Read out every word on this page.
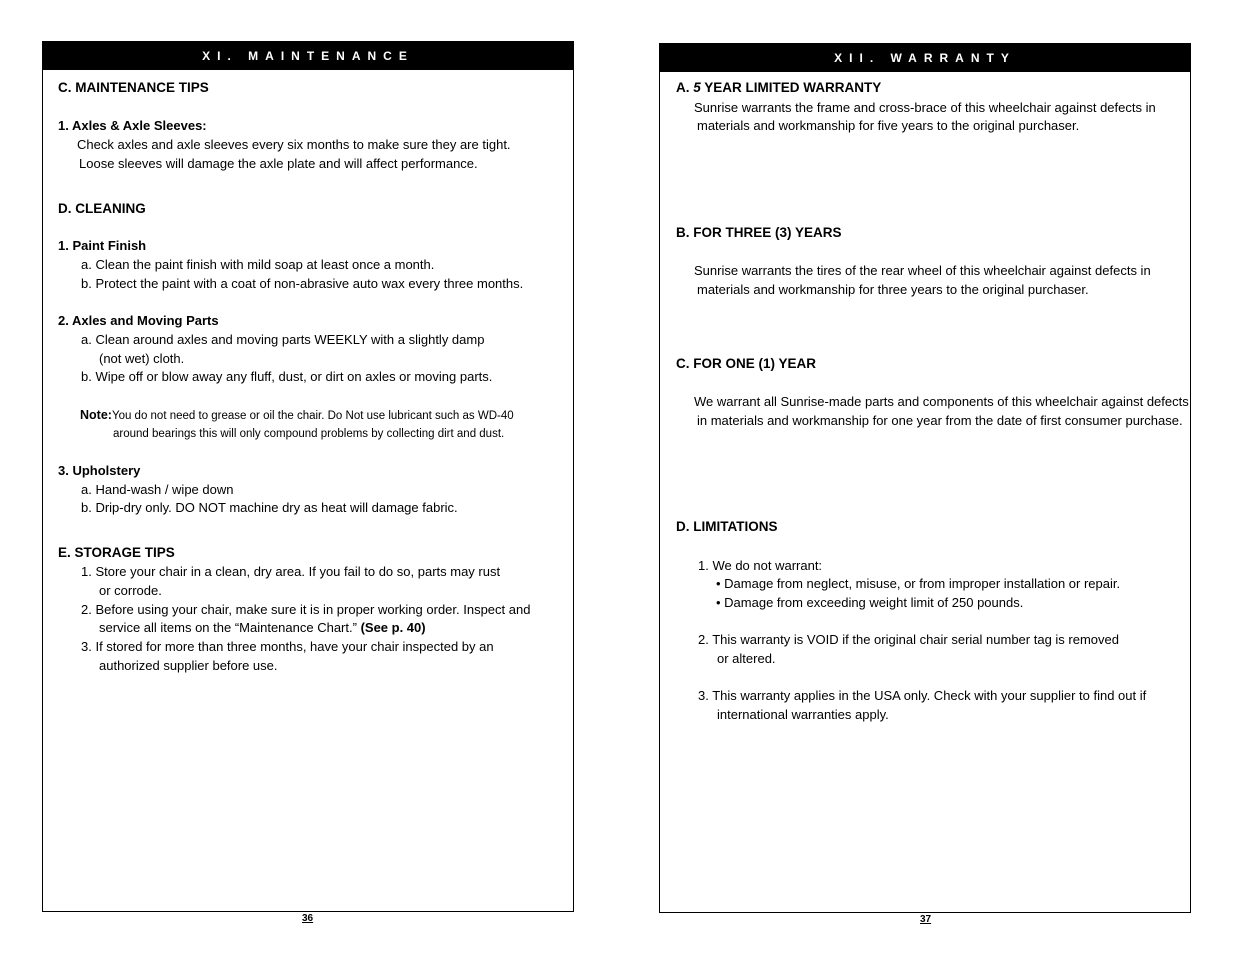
XI. MAINTENANCE
C. MAINTENANCE TIPS
1. Axles & Axle Sleeves:
Check axles and axle sleeves every six months to make sure they are tight.
Loose sleeves will damage the axle plate and will affect performance.
D. CLEANING
1. Paint Finish
a. Clean the paint finish with mild soap at least once a month.
b. Protect the paint with a coat of non-abrasive auto wax every three months.
2. Axles and Moving Parts
a. Clean around axles and moving parts WEEKLY with a slightly damp
(not wet) cloth.
b. Wipe off or blow away any fluff, dust, or dirt on axles or moving parts.
Note:You do not need to grease or oil the chair. Do Not use lubricant such as WD-40
around bearings this will only compound problems by collecting dirt and dust.
3. Upholstery
a. Hand-wash / wipe down
b. Drip-dry only. DO NOT machine dry as heat will damage fabric.
E. STORAGE TIPS
1. Store your chair in a clean, dry area. If you fail to do so, parts may rust
or corrode.
2. Before using your chair, make sure it is in proper working order. Inspect and
service all items on the “Maintenance Chart.” (See p. 40)
3. If stored for more than three months, have your chair inspected by an
authorized supplier before use.
36
XII. WARRANTY
A. 5 YEAR LIMITED WARRANTY
Sunrise warrants the frame and cross-brace of this wheelchair against defects in
materials and workmanship for five years to the original purchaser.
B. FOR THREE (3) YEARS
Sunrise warrants the tires of the rear wheel of this wheelchair against defects in
materials and workmanship for three years to the original purchaser.
C. FOR ONE (1) YEAR
We warrant all Sunrise-made parts and components of this wheelchair against defects
in materials and workmanship for one year from the date of first consumer purchase.
D. LIMITATIONS
1. We do not warrant:
• Damage from neglect, misuse, or from improper installation or repair.
• Damage from exceeding weight limit of 250 pounds.
2. This warranty is VOID if the original chair serial number tag is removed
or altered.
3. This warranty applies in the USA only. Check with your supplier to find out if
international warranties apply.
37
